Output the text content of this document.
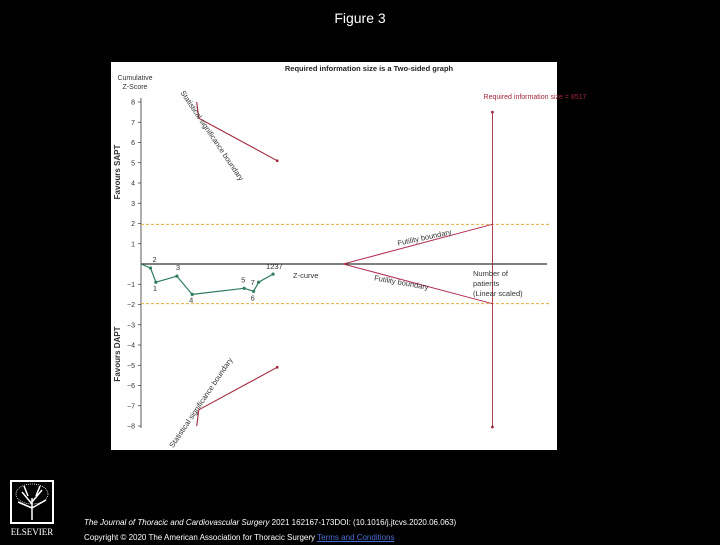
Figure 3
8
7
6
5
4
3
2
1
−1
−2
−3
−4
−5
−6
−7
−8
Required information size is a Two-sided graph
Cumulative
Z-Score
Favours SAPT
Favours DAPT
Required information size = 8517
2
1
3
4
5
6
7
1237
Z-curve
Statistical significance boundary
Statistical significance boundary
Futility boundary
Futility boundary	Number of
patients
(Linear scaled)
ELSEVIER
The Journal of Thoracic and Cardiovascular Surgery 2021 162167-173DOI: (10.1016/j.jtcvs.2020.06.063)
Copyright © 2020 The American Association for Thoracic Surgery Terms and Conditions
